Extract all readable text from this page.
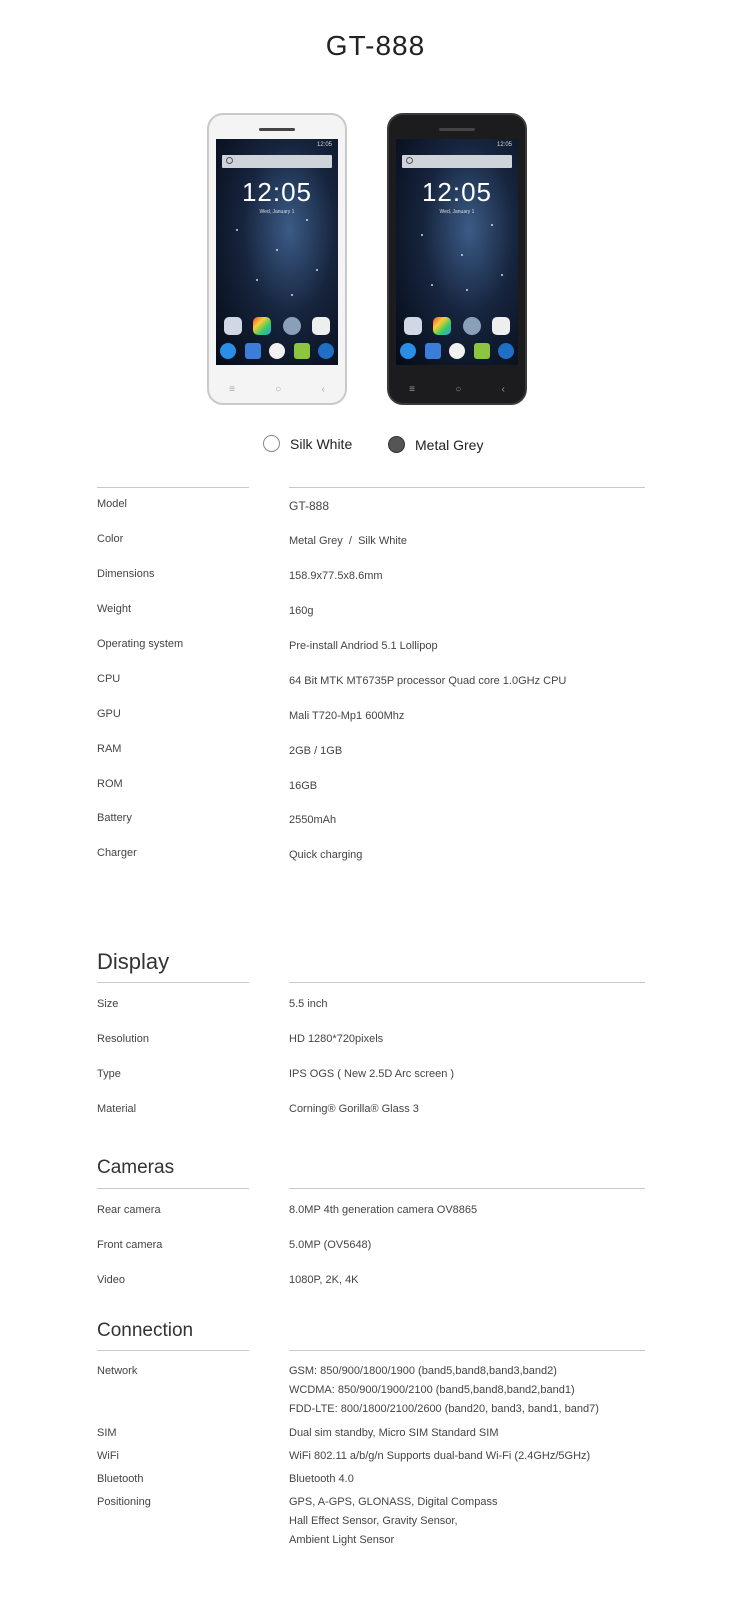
GT-888
12:05
12:05
Wed, January 1
≡	○	‹
12:05
12:05
Wed, January 1
≡	○	‹
Silk White	Metal Grey
Model	GT-888
Color	Metal Grey  /  Silk White
Dimensions	158.9x77.5x8.6mm
Weight	160g
Operating system	Pre-install Andriod 5.1 Lollipop
CPU	64 Bit MTK MT6735P processor Quad core 1.0GHz CPU
GPU	Mali T720-Mp1 600Mhz
RAM	2GB / 1GB
ROM	16GB
Battery	2550mAh
Charger	Quick charging
Display
Size	5.5 inch
Resolution	HD 1280*720pixels
Type	IPS OGS ( New 2.5D Arc screen )
Material	Corning® Gorilla® Glass 3
Cameras
Rear camera	8.0MP 4th generation camera OV8865
Front camera	5.0MP (OV5648)
Video	1080P, 2K, 4K
Connection
Network	GSM: 850/900/1800/1900 (band5,band8,band3,band2)
WCDMA: 850/900/1900/2100 (band5,band8,band2,band1)
FDD-LTE: 800/1800/2100/2600 (band20, band3, band1, band7)
SIM	Dual sim standby, Micro SIM Standard SIM
WiFi	WiFi 802.11 a/b/g/n Supports dual-band Wi-Fi (2.4GHz/5GHz)
Bluetooth	Bluetooth 4.0
Positioning	GPS, A-GPS, GLONASS, Digital Compass
Hall Effect Sensor, Gravity Sensor,
Ambient Light Sensor
